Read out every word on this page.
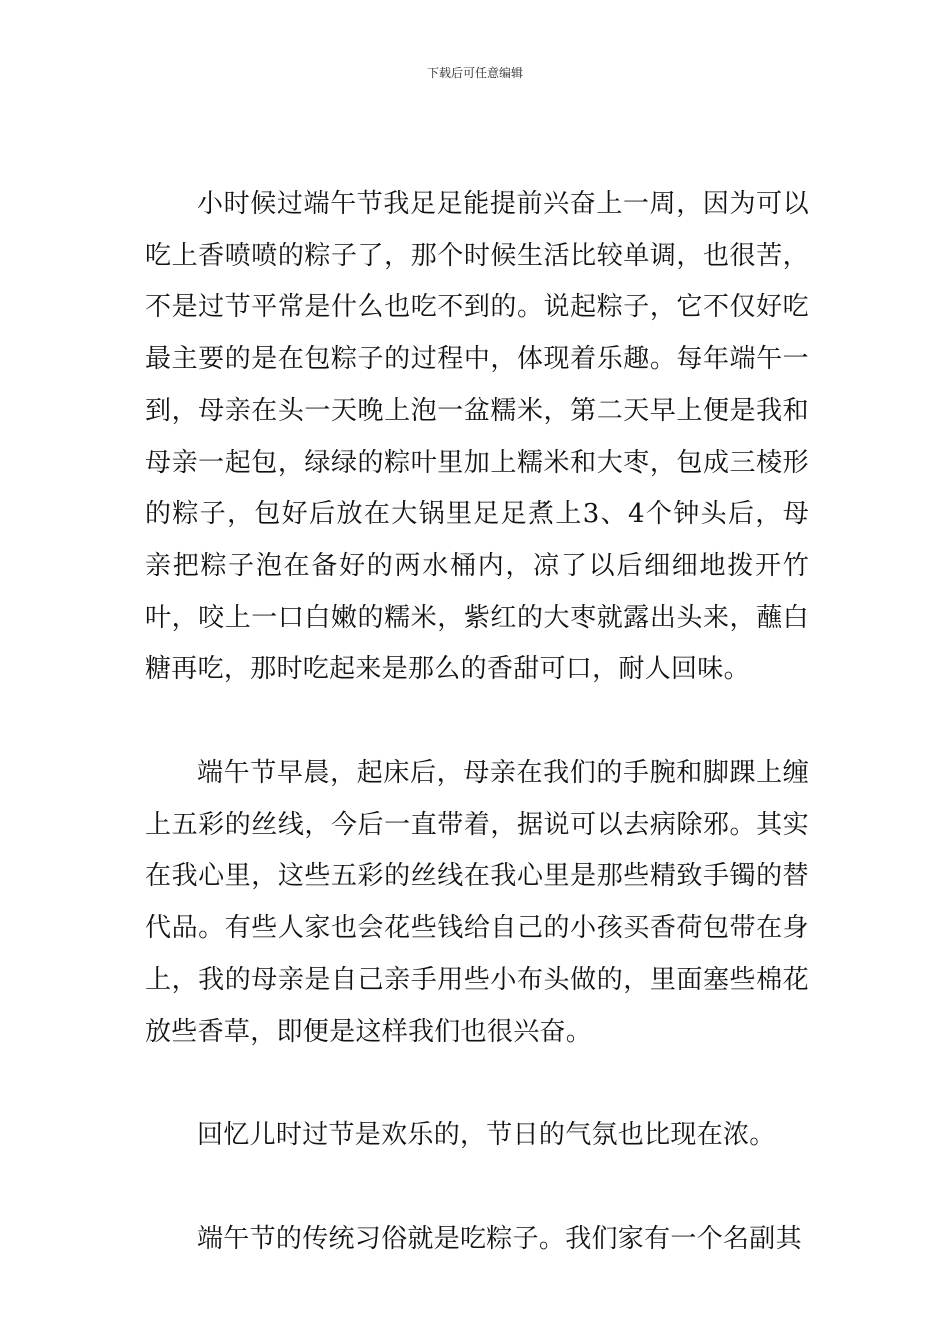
下载后可任意编辑

小时候过端午节我足足能提前兴奋上一周，因为可以吃上香喷喷的粽子了，那个时候生活比较单调，也很苦，不是过节平常是什么也吃不到的。说起粽子，它不仅好吃最主要的是在包粽子的过程中，体现着乐趣。每年端午一到，母亲在头一天晚上泡一盆糯米，第二天早上便是我和母亲一起包，绿绿的粽叶里加上糯米和大枣，包成三棱形的粽子，包好后放在大锅里足足煮上3、4个钟头后，母亲把粽子泡在备好的两水桶内，凉了以后细细地拨开竹叶，咬上一口白嫩的糯米，紫红的大枣就露出头来，蘸白糖再吃，那时吃起来是那么的香甜可口，耐人回味。

端午节早晨，起床后，母亲在我们的手腕和脚踝上缠上五彩的丝线，今后一直带着，据说可以去病除邪。其实在我心里，这些五彩的丝线在我心里是那些精致手镯的替代品。有些人家也会花些钱给自己的小孩买香荷包带在身上，我的母亲是自己亲手用些小布头做的，里面塞些棉花放些香草，即便是这样我们也很兴奋。

回忆儿时过节是欢乐的，节日的气氛也比现在浓。

端午节的传统习俗就是吃粽子。我们家有一个名副其
